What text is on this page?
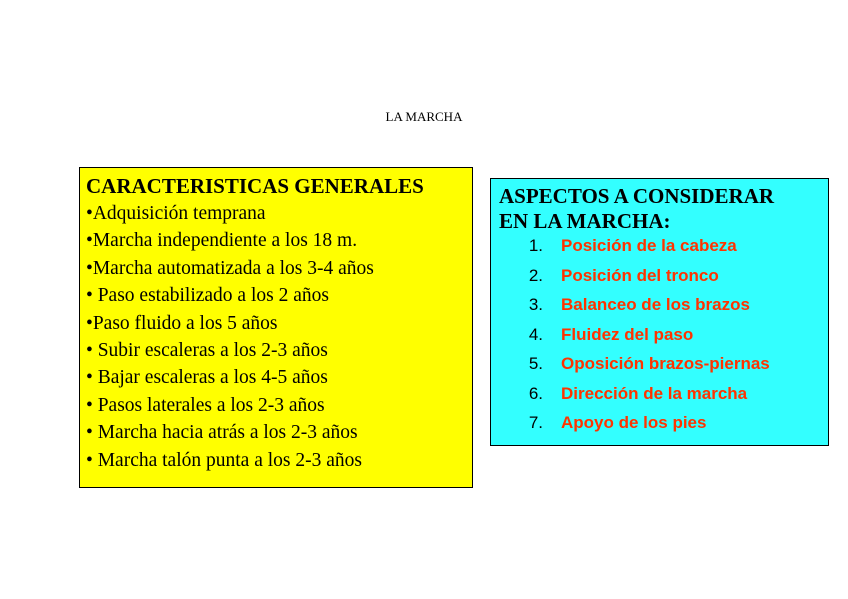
LA MARCHA
CARACTERISTICAS GENERALES
•Adquisición temprana
•Marcha independiente a los 18 m.
•Marcha automatizada a los 3-4 años
• Paso estabilizado a los 2 años
•Paso fluido a los 5 años
• Subir escaleras a los 2-3 años
• Bajar escaleras a los 4-5 años
• Pasos laterales a los 2-3 años
• Marcha hacia atrás a los 2-3 años
• Marcha talón punta a los 2-3 años
ASPECTOS A CONSIDERAR
EN LA MARCHA:
1.	Posición de la cabeza
2.	Posición del tronco
3.	Balanceo de los brazos
4.	Fluidez del paso
5.	Oposición brazos-piernas
6.	Dirección de la marcha
7.	Apoyo de los pies
